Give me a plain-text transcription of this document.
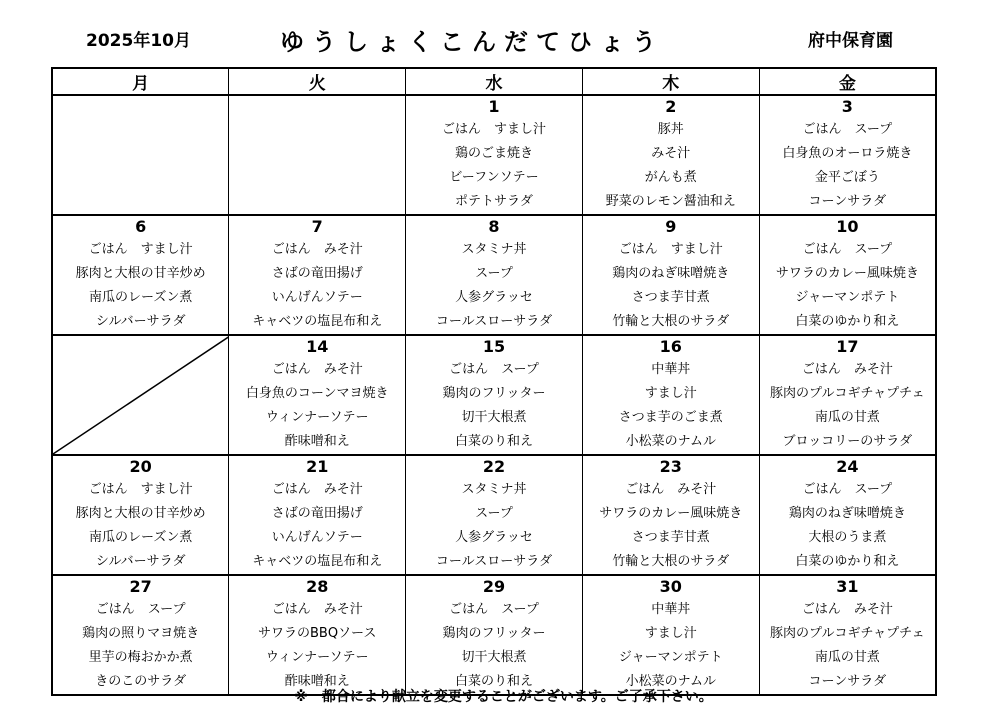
2025年10月	ゆうしょくこんだてひょう	府中保育園
月	火	水	木	金
		1	2	3
		ごはん　すまし汁	豚丼	ごはん　スープ
		鶏のごま焼き	みそ汁	白身魚のオーロラ焼き
		ビーフンソテー	がんも煮	金平ごぼう
		ポテトサラダ	野菜のレモン醤油和え	コーンサラダ
6	7	8	9	10
ごはん　すまし汁	ごはん　みそ汁	スタミナ丼	ごはん　すまし汁	ごはん　スープ
豚肉と大根の甘辛炒め	さばの竜田揚げ	スープ	鶏肉のねぎ味噌焼き	サワラのカレー風味焼き
南瓜のレーズン煮	いんげんソテー	人参グラッセ	さつま芋甘煮	ジャーマンポテト
シルバーサラダ	キャベツの塩昆布和え	コールスローサラダ	竹輪と大根のサラダ	白菜のゆかり和え

	14	15	16	17
	ごはん　みそ汁	ごはん　スープ	中華丼	ごはん　みそ汁
	白身魚のコーンマヨ焼き	鶏肉のフリッター	すまし汁	豚肉のプルコギチャプチェ
	ウィンナーソテー	切干大根煮	さつま芋のごま煮	南瓜の甘煮
	酢味噌和え	白菜のり和え	小松菜のナムル	ブロッコリーのサラダ
20	21	22	23	24
ごはん　すまし汁	ごはん　みそ汁	スタミナ丼	ごはん　みそ汁	ごはん　スープ
豚肉と大根の甘辛炒め	さばの竜田揚げ	スープ	サワラのカレー風味焼き	鶏肉のねぎ味噌焼き
南瓜のレーズン煮	いんげんソテー	人参グラッセ	さつま芋甘煮	大根のうま煮
シルバーサラダ	キャベツの塩昆布和え	コールスローサラダ	竹輪と大根のサラダ	白菜のゆかり和え
27	28	29	30	31
ごはん　スープ	ごはん　みそ汁	ごはん　スープ	中華丼	ごはん　みそ汁
鶏肉の照りマヨ焼き	サワラのBBQソース	鶏肉のフリッター	すまし汁	豚肉のプルコギチャプチェ
里芋の梅おかか煮	ウィンナーソテー	切干大根煮	ジャーマンポテト	南瓜の甘煮
きのこのサラダ	酢味噌和え	白菜のり和え	小松菜のナムル	コーンサラダ
※　都合により献立を変更することがございます。ご了承下さい。
